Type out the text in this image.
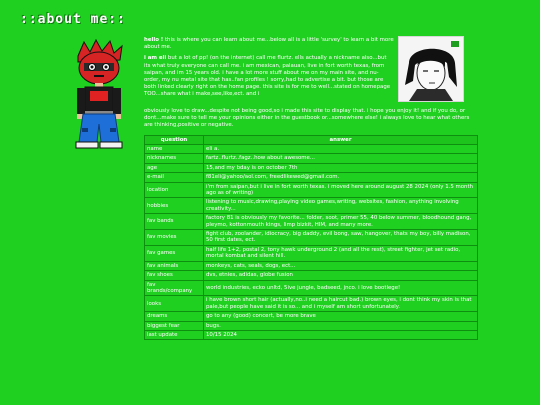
::about me::

hello ! this is where you can learn about me...below all is a little 'survey' to learn a bit more about me.

i am eli but a lot of pp! (on the internet) call me flurtz. ells actually a nickname also...but its what truly everyone can call me. i am mexican, palauan, live in fort worth texas, from saipan, and im 15 years old. i have a lot more stuff about me on my main site, and nu-order, my nu metal site that has..fan profiles ! sorry,had to advertise a bit. but those are both linked clearly right on the home page. this site is for me to well...stated on homepage TOO...share what i make,see,like,ect. and i

obviously love to draw...despite not being good,so i made this site to display that. i hope you enjoy it! and if you do, or dont...make sure to tell me your opinions either in the guestbook or...somewhere else! i always love to hear what others are thinking,positive or negative.
question	answer
name	eli a.
nicknames	fartz..flurtz..fagz..how about awesome...
age	15,and my bday is on october 7th
e-mail	f81eli@yahoo/aol.com, freedlikewed@gmail.com.
location	i'm from saipan,but i live in fort worth texas. i moved here around august 28 2024 (only 1.5 month ago as of writing)
hobbies	listening to music,drawing,playing video games,writing, websites, fashion, anything involving creativity...
fav bands	factory 81 is obviously my favorite... folder, soot, primer 55, 40 below summer, bloodhound gang, pleymo, kottonmouth kings, limp bizkit, HIM, and many more.
fav movies	fight club, zoolander, idiocracy, big daddy, evil bong, saw, hangover, thats my boy, billy madison, 50 first dates, ect.
fav games	half life 1+2, postal 2, tony hawk underground 2 (and all the rest), street fighter, jet set radio, mortal kombat and silent hill.
fav animals	monkeys, cats, seals, dogs, ect...
fav shoes	dvs, etnies, adidas, globe fusion
fav brands/company	world industries, ecko unltd, 5ive jungle, badseed, jnco. i love bootlege!
looks	i have brown short hair (actually,no..i need a haircut bad.) brown eyes, i dont think my skin is that pale,but people have said it is so... and i myself am short unfortunately.
dreams	go to any (good) concert, be more brave
biggest fear	bugs.
last update	10/15 2024
